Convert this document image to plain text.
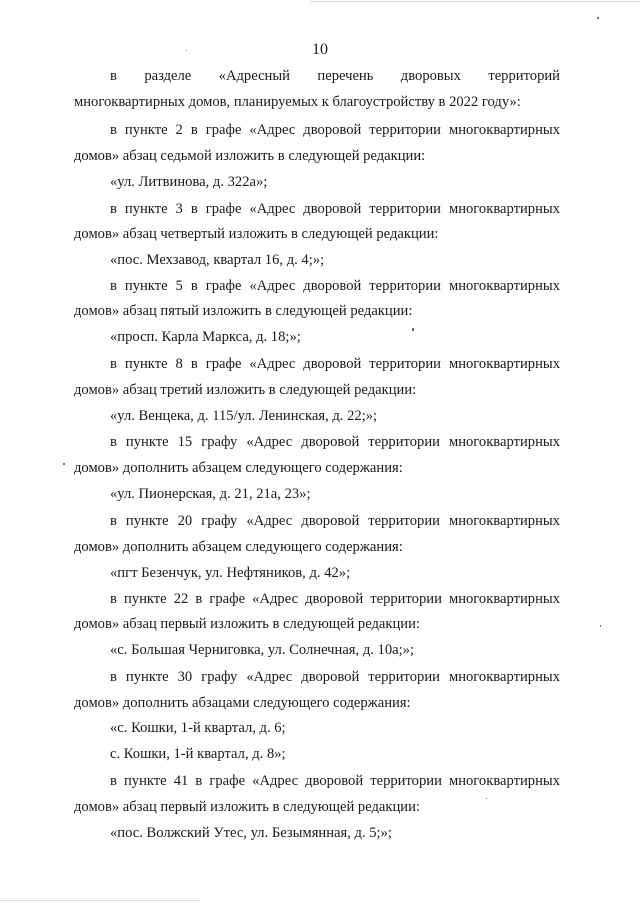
10
в разделе «Адресный перечень дворовых территорий
многоквартирных домов, планируемых к благоустройству в 2022 году»:
в пункте 2 в графе «Адрес дворовой территории многоквартирных
домов» абзац седьмой изложить в следующей редакции:
«ул. Литвинова, д. 322а»;
в пункте 3 в графе «Адрес дворовой территории многоквартирных
домов» абзац четвертый изложить в следующей редакции:
«пос. Мехзавод, квартал 16, д. 4;»;
в пункте 5 в графе «Адрес дворовой территории многоквартирных
домов» абзац пятый изложить в следующей редакции:
«просп. Карла Маркса, д. 18;»;
в пункте 8 в графе «Адрес дворовой территории многоквартирных
домов» абзац третий изложить в следующей редакции:
«ул. Венцека, д. 115/ул. Ленинская, д. 22;»;
в пункте 15 графу «Адрес дворовой территории многоквартирных
домов» дополнить абзацем следующего содержания:
«ул. Пионерская, д. 21, 21а, 23»;
в пункте 20 графу «Адрес дворовой территории многоквартирных
домов» дополнить абзацем следующего содержания:
«пгт Безенчук, ул. Нефтяников, д. 42»;
в пункте 22 в графе «Адрес дворовой территории многоквартирных
домов» абзац первый изложить в следующей редакции:
«с. Большая Черниговка, ул. Солнечная, д. 10а;»;
в пункте 30 графу «Адрес дворовой территории многоквартирных
домов» дополнить абзацами следующего содержания:
«с. Кошки, 1-й квартал, д. 6;
с. Кошки, 1-й квартал, д. 8»;
в пункте 41 в графе «Адрес дворовой территории многоквартирных
домов» абзац первый изложить в следующей редакции:
«пос. Волжский Утес, ул. Безымянная, д. 5;»;
